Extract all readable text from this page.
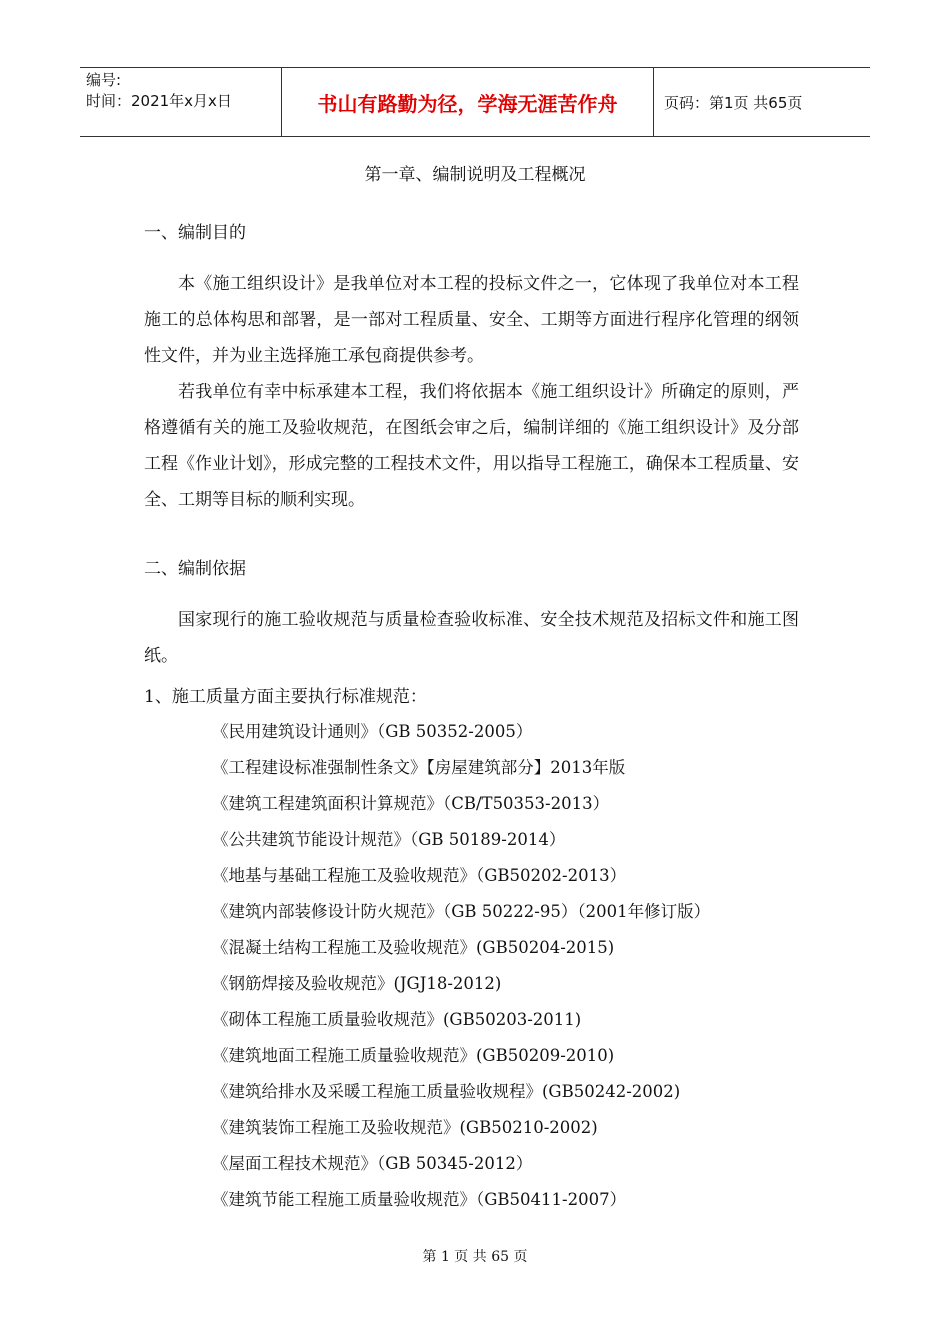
编号:
时间：2021年x月x日	书山有路勤为径，学海无涯苦作舟	页码：第1页 共65页
第一章、编制说明及工程概况
一、编制目的
本《施工组织设计》是我单位对本工程的投标文件之一，它体现了我单位对本工程施工的总体构思和部署，是一部对工程质量、安全、工期等方面进行程序化管理的纲领性文件，并为业主选择施工承包商提供参考。
若我单位有幸中标承建本工程，我们将依据本《施工组织设计》所确定的原则，严格遵循有关的施工及验收规范，在图纸会审之后，编制详细的《施工组织设计》及分部工程《作业计划》，形成完整的工程技术文件，用以指导工程施工，确保本工程质量、安全、工期等目标的顺利实现。
二、编制依据
国家现行的施工验收规范与质量检查验收标准、安全技术规范及招标文件和施工图纸。
1、施工质量方面主要执行标准规范：
《民用建筑设计通则》（GB 50352-2005）
《工程建设标准强制性条文》【房屋建筑部分】2013年版
《建筑工程建筑面积计算规范》（CB/T50353-2013）
《公共建筑节能设计规范》（GB 50189-2014）
《地基与基础工程施工及验收规范》（GB50202-2013）
《建筑内部装修设计防火规范》（GB 50222-95）（2001年修订版）
《混凝土结构工程施工及验收规范》(GB50204-2015)
《钢筋焊接及验收规范》(JGJ18-2012)
《砌体工程施工质量验收规范》(GB50203-2011)
《建筑地面工程施工质量验收规范》(GB50209-2010)
《建筑给排水及采暖工程施工质量验收规程》(GB50242-2002)
《建筑装饰工程施工及验收规范》(GB50210-2002)
《屋面工程技术规范》（GB 50345-2012）
《建筑节能工程施工质量验收规范》（GB50411-2007）
第 1 页 共 65 页
